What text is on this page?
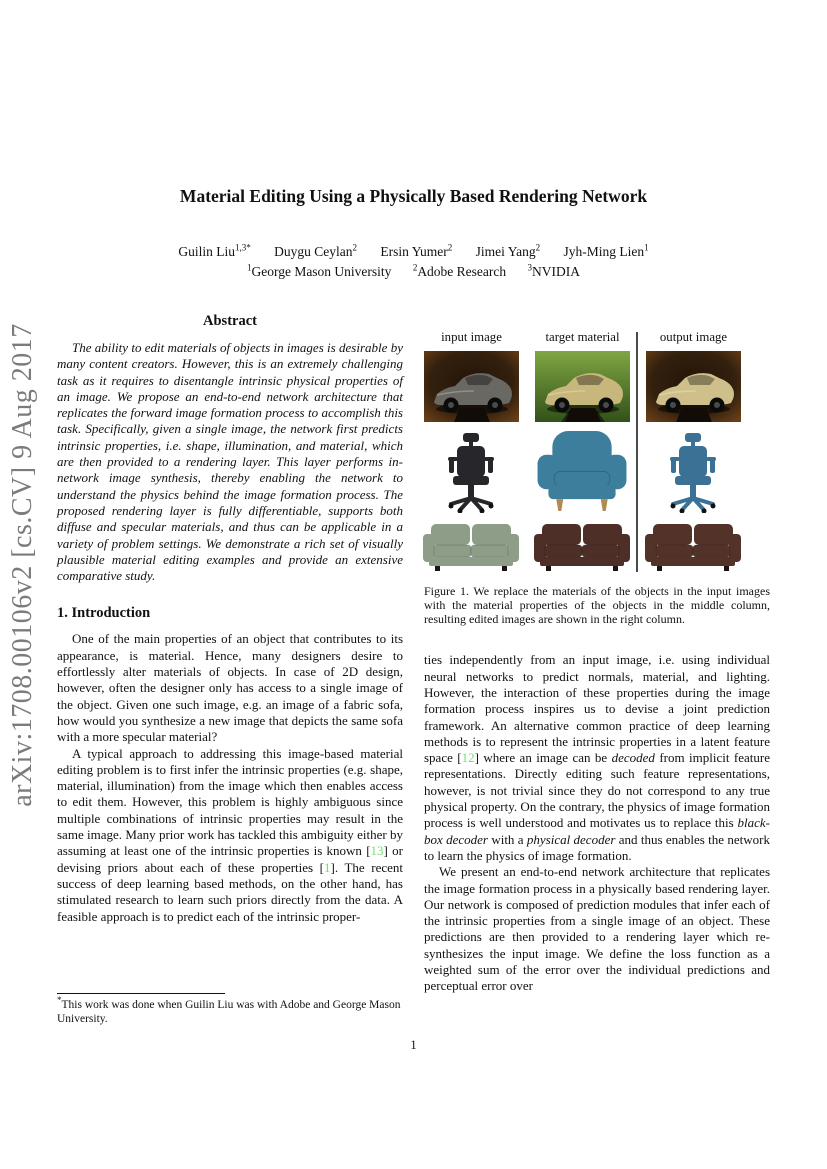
arXiv:1708.00106v2 [cs.CV] 9 Aug 2017
Material Editing Using a Physically Based Rendering Network
Guilin Liu$^{1,3*}$ Duygu Ceylan$^2$ Ersin Yumer$^2$ Jimei Yang$^2$ Jyh-Ming Lien$^1$
$^1$George Mason University $^2$Adobe Research $^3$NVIDIA
Abstract

The ability to edit materials of objects in images is desirable by many content creators. However, this is an extremely challenging task as it requires to disentangle intrinsic physical properties of an image. We propose an end-to-end network architecture that replicates the forward image formation process to accomplish this task. Specifically, given a single image, the network first predicts intrinsic properties, i.e. shape, illumination, and material, which are then provided to a rendering layer. This layer performs in-network image synthesis, thereby enabling the network to understand the physics behind the image formation process. The proposed rendering layer is fully differentiable, supports both diffuse and specular materials, and thus can be applicable in a variety of problem settings. We demonstrate a rich set of visually plausible material editing examples and provide an extensive comparative study.

1. Introduction

One of the main properties of an object that contributes to its appearance, is material. Hence, many designers desire to effortlessly alter materials of objects. In case of 2D design, however, often the designer only has access to a single image of the object. Given one such image, e.g. an image of a fabric sofa, how would you synthesize a new image that depicts the same sofa with a more specular material?

A typical approach to addressing this image-based material editing problem is to first infer the intrinsic properties (e.g. shape, material, illumination) from the image which then enables access to edit them. However, this problem is highly ambiguous since multiple combinations of intrinsic properties may result in the same image. Many prior work has tackled this ambiguity either by assuming at least one of the intrinsic properties is known [13] or devising priors about each of these properties [1]. The recent success of deep learning based methods, on the other hand, has stimulated research to learn such priors directly from the data. A feasible approach is to predict each of the intrinsic proper-

input image	target material	output image
Figure 1. We replace the materials of the objects in the input images with the material properties of the objects in the middle column, resulting edited images are shown in the right column.

ties independently from an input image, i.e. using individual neural networks to predict normals, material, and lighting. However, the interaction of these properties during the image formation process inspires us to devise a joint prediction framework. An alternative common practice of deep learning methods is to represent the intrinsic properties in a latent feature space [12] where an image can be decoded from implicit feature representations. Directly editing such feature representations, however, is not trivial since they do not correspond to any true physical property. On the contrary, the physics of image formation process is well understood and motivates us to replace this black-box decoder with a physical decoder and thus enables the network to learn the physics of image formation.

We present an end-to-end network architecture that replicates the image formation process in a physically based rendering layer. Our network is composed of prediction modules that infer each of the intrinsic properties from a single image of an object. These predictions are then provided to a rendering layer which re-synthesizes the input image. We define the loss function as a weighted sum of the error over the individual predictions and perceptual error over

*This work was done when Guilin Liu was with Adobe and George Mason University.
1
